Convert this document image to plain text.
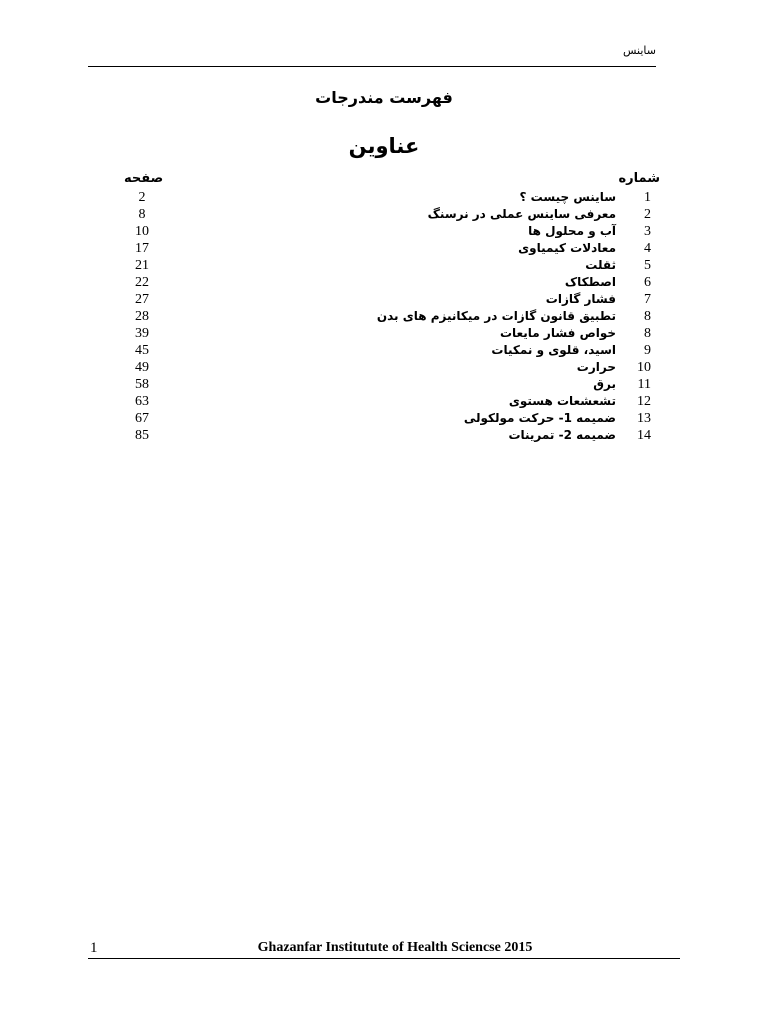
ساینس
فهرست مندرجات
عناوین
شماره
صفحه
1
ساینس چیست ؟
2
2
معرفی ساینس عملی در نرسنگ
8
3
آب و محلول ها
10
4
معادلات کیمیاوی
17
5
ثقلت
21
6
اصطکاک
22
7
فشار گازات
27
8
تطبیق قانون گازات در میکانیزم های بدن
28
8
خواص فشار مایعات
39
9
اسید، قلوی و نمکیات
45
10
حرارت
49
11
برق
58
12
تشعشعات هستوی
63
13
ضمیمه 1- حرکت مولکولی
67
14
ضمیمه 2- تمرینات
85
1	Ghazanfar Institutute of Health Sciencse 2015
